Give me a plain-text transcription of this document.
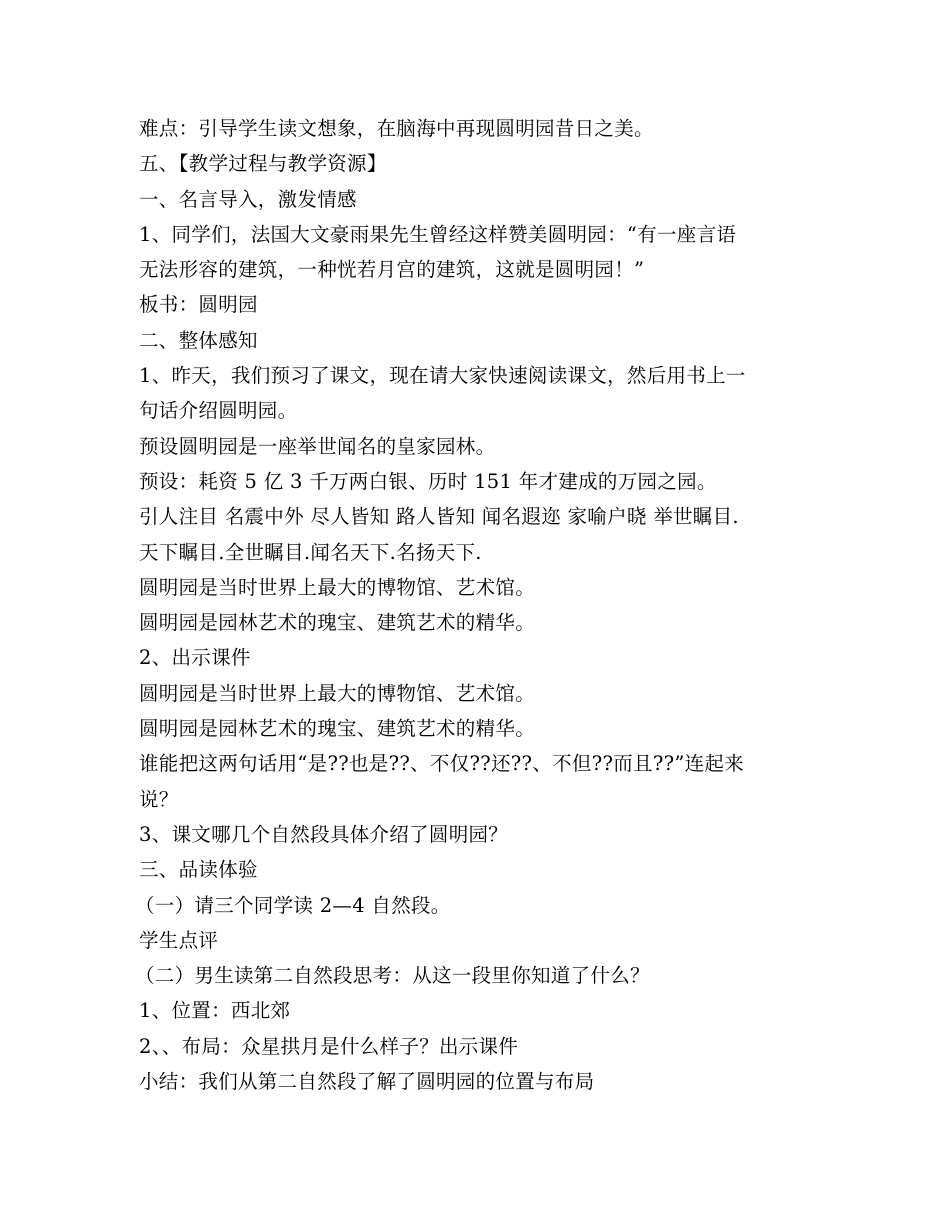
难点：引导学生读文想象，在脑海中再现圆明园昔日之美。
五、【教学过程与教学资源】
一、名言导入，激发情感
1、同学们，法国大文豪雨果先生曾经这样赞美圆明园：“有一座言语
无法形容的建筑，一种恍若月宫的建筑，这就是圆明园！”
板书：圆明园
二、整体感知
1、昨天，我们预习了课文，现在请大家快速阅读课文，然后用书上一
句话介绍圆明园。
预设圆明园是一座举世闻名的皇家园林。
预设：耗资 5 亿 3 千万两白银、历时 151 年才建成的万园之园。
引人注目 名震中外 尽人皆知 路人皆知 闻名遐迩 家喻户晓 举世瞩目.
天下瞩目.全世瞩目.闻名天下.名扬天下.
圆明园是当时世界上最大的博物馆、艺术馆。
圆明园是园林艺术的瑰宝、建筑艺术的精华。
2、出示课件
圆明园是当时世界上最大的博物馆、艺术馆。
圆明园是园林艺术的瑰宝、建筑艺术的精华。
谁能把这两句话用“是??也是??、不仅??还??、不但??而且??”连起来
说？
3、课文哪几个自然段具体介绍了圆明园？
三、品读体验
（一）请三个同学读 2—4 自然段。
学生点评
（二）男生读第二自然段思考：从这一段里你知道了什么？
1、位置：西北郊
2、、布局：众星拱月是什么样子？出示课件
小结：我们从第二自然段了解了圆明园的位置与布局
